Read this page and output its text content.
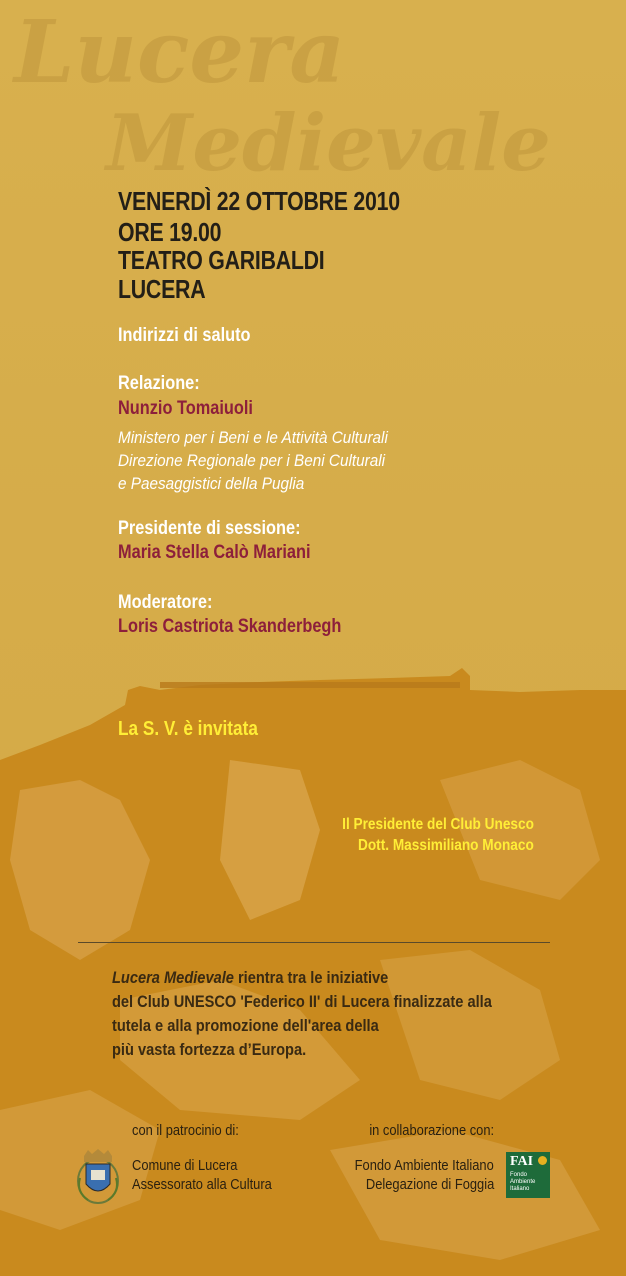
Lucera
Medievale

VENERDÌ 22 OTTOBRE 2010

ORE 19.00

TEATRO GARIBALDI

LUCERA

Indirizzi di saluto

Relazione:

Nunzio Tomaiuoli

Ministero per i Beni e le Attività Culturali

Direzione Regionale per i Beni Culturali

e Paesaggistici della Puglia

Presidente di sessione:

Maria Stella Calò Mariani

Moderatore:

Loris Castriota Skanderbegh

La S. V. è invitata

Il Presidente del Club Unesco

Dott. Massimiliano Monaco

Lucera Medievale rientra tra le iniziative

del Club UNESCO 'Federico II' di Lucera finalizzate alla

tutela e alla promozione dell'area della

più vasta fortezza d’Europa.

con il patrocinio di:

Comune di Lucera

Assessorato alla Cultura

in collaborazione con:

Fondo Ambiente Italiano

Delegazione di Foggia

FAI
Fondo
Ambiente
Italiano
